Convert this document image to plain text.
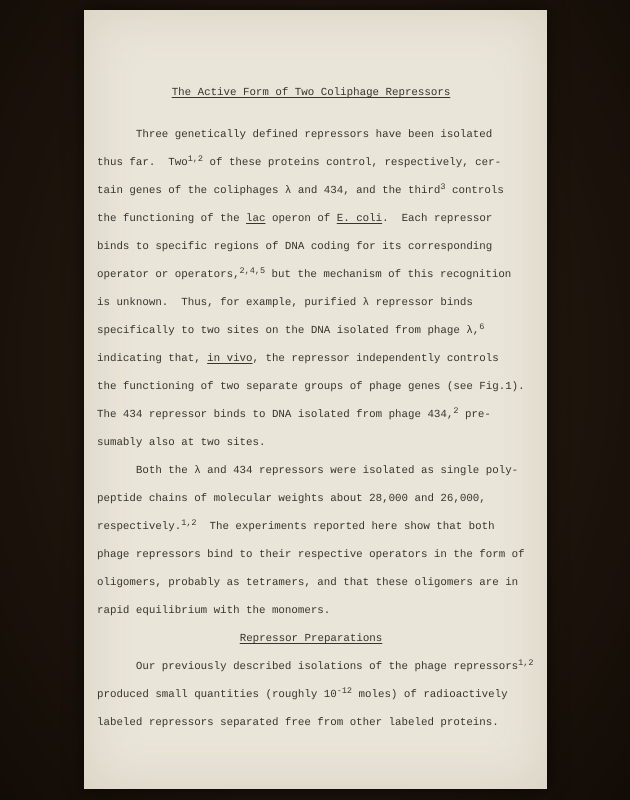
The Active Form of Two Coliphage Repressors
Three genetically defined repressors have been isolated
thus far.  Two$^{1,2}$ of these proteins control, respectively, cer-
tain genes of the coliphages λ and 434, and the third$^3$ controls
the functioning of the lac operon of E. coli.  Each repressor
binds to specific regions of DNA coding for its corresponding
operator or operators,$^{2,4,5}$ but the mechanism of this recognition
is unknown.  Thus, for example, purified λ repressor binds
specifically to two sites on the DNA isolated from phage λ,$^6$
indicating that, in vivo, the repressor independently controls
the functioning of two separate groups of phage genes (see Fig.1).
The 434 repressor binds to DNA isolated from phage 434,$^2$ pre-
sumably also at two sites.
Both the λ and 434 repressors were isolated as single poly-
peptide chains of molecular weights about 28,000 and 26,000,
respectively.$^{1,2}$  The experiments reported here show that both
phage repressors bind to their respective operators in the form of
oligomers, probably as tetramers, and that these oligomers are in
rapid equilibrium with the monomers.
Repressor Preparations
Our previously described isolations of the phage repressors$^{1,2}$
produced small quantities (roughly $10^{-12}$ moles) of radioactively
labeled repressors separated free from other labeled proteins.
